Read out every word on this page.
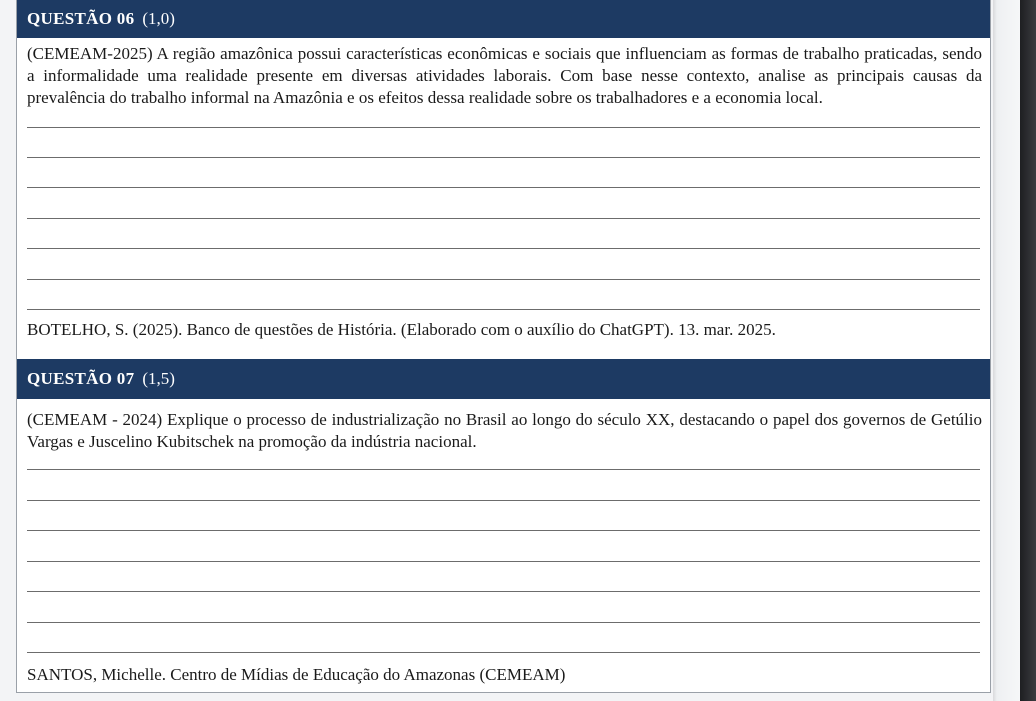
QUESTÃO 06 (1,0)
(CEMEAM-2025) A região amazônica possui características econômicas e sociais que influenciam as formas de trabalho praticadas, sendo a informalidade uma realidade presente em diversas atividades laborais. Com base nesse contexto, analise as principais causas da prevalência do trabalho informal na Amazônia e os efeitos dessa realidade sobre os trabalhadores e a economia local.
BOTELHO, S. (2025). Banco de questões de História. (Elaborado com o auxílio do ChatGPT). 13. mar. 2025.
QUESTÃO 07 (1,5)
(CEMEAM - 2024) Explique o processo de industrialização no Brasil ao longo do século XX, destacando o papel dos governos de Getúlio Vargas e Juscelino Kubitschek na promoção da indústria nacional.
SANTOS, Michelle. Centro de Mídias de Educação do Amazonas (CEMEAM)
